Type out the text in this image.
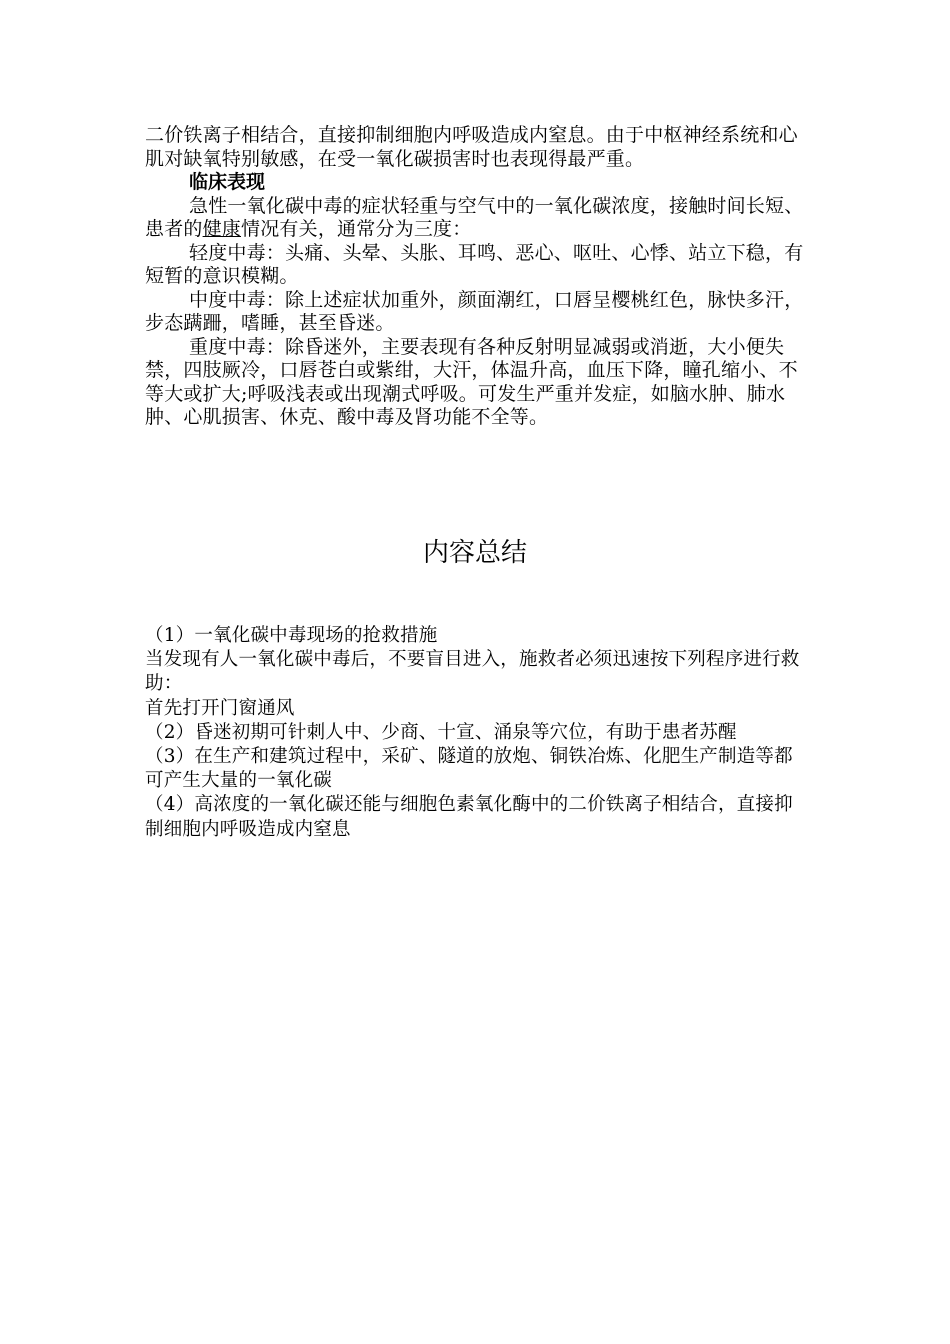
二价铁离子相结合，直接抑制细胞内呼吸造成内窒息。由于中枢神经系统和心肌对缺氧特别敏感，在受一氧化碳损害时也表现得最严重。

临床表现

急性一氧化碳中毒的症状轻重与空气中的一氧化碳浓度，接触时间长短、患者的健康情况有关，通常分为三度：

轻度中毒：头痛、头晕、头胀、耳鸣、恶心、呕吐、心悸、站立下稳，有短暂的意识模糊。

中度中毒：除上述症状加重外，颜面潮红，口唇呈樱桃红色，脉快多汗，步态蹒跚，嗜睡，甚至昏迷。

重度中毒：除昏迷外，主要表现有各种反射明显减弱或消逝，大小便失禁，四肢厥冷，口唇苍白或紫绀，大汗，体温升高，血压下降，瞳孔缩小、不等大或扩大;呼吸浅表或出现潮式呼吸。可发生严重并发症，如脑水肿、肺水肿、心肌损害、休克、酸中毒及肾功能不全等。

内容总结

（1）一氧化碳中毒现场的抢救措施

当发现有人一氧化碳中毒后，不要盲目进入，施救者必须迅速按下列程序进行救助：

首先打开门窗通风

（2）昏迷初期可针刺人中、少商、十宣、涌泉等穴位，有助于患者苏醒

（3）在生产和建筑过程中，采矿、隧道的放炮、铜铁冶炼、化肥生产制造等都可产生大量的一氧化碳

（4）高浓度的一氧化碳还能与细胞色素氧化酶中的二价铁离子相结合，直接抑制细胞内呼吸造成内窒息
